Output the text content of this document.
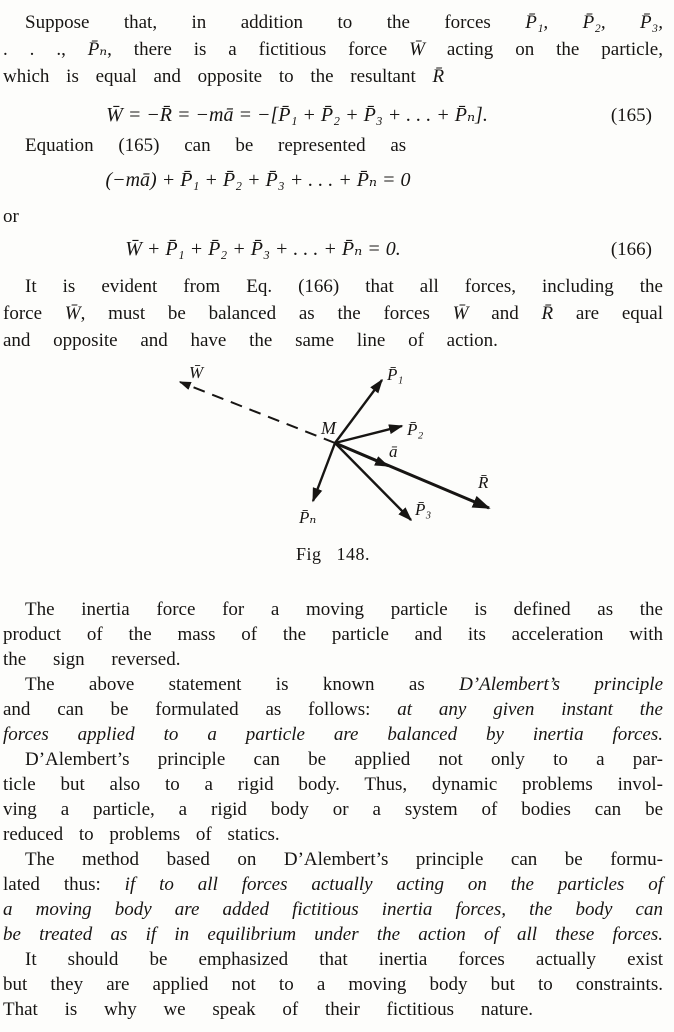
Suppose that, in addition to the forces P̄₁, P̄₂, P̄₃,
. . ., P̄ₙ, there is a fictitious force W̄ acting on the particle,
which is equal and opposite to the resultant R̄
W̄ = −R̄ = −mā = −[P̄₁ + P̄₂ + P̄₃ + . . . + P̄ₙ].	(165)
Equation (165) can be represented as
(−mā) + P̄₁ + P̄₂ + P̄₃ + . . . + P̄ₙ = 0
or
W̄ + P̄₁ + P̄₂ + P̄₃ + . . . + P̄ₙ = 0.	(166)
It is evident from Eq. (166) that all forces, including the
force W̄, must be balanced as the forces W̄ and R̄ are equal
and opposite and have the same line of action.
W̄
M
P̄₁
P̄₂
ā
R̄
P̄₃
P̄ₙ
Fig 148.
The inertia force for a moving particle is defined as the
product of the mass of the particle and its acceleration with
the sign reversed.
The above statement is known as D’Alembert’s principle
and can be formulated as follows: at any given instant the
forces applied to a particle are balanced by inertia forces.
D’Alembert’s principle can be applied not only to a par-
ticle but also to a rigid body. Thus, dynamic problems invol-
ving a particle, a rigid body or a system of bodies can be
reduced to problems of statics.
The method based on D’Alembert’s principle can be formu-
lated thus: if to all forces actually acting on the particles of
a moving body are added fictitious inertia forces, the body can
be treated as if in equilibrium under the action of all these forces.
It should be emphasized that inertia forces actually exist
but they are applied not to a moving body but to constraints.
That is why we speak of their fictitious nature.
